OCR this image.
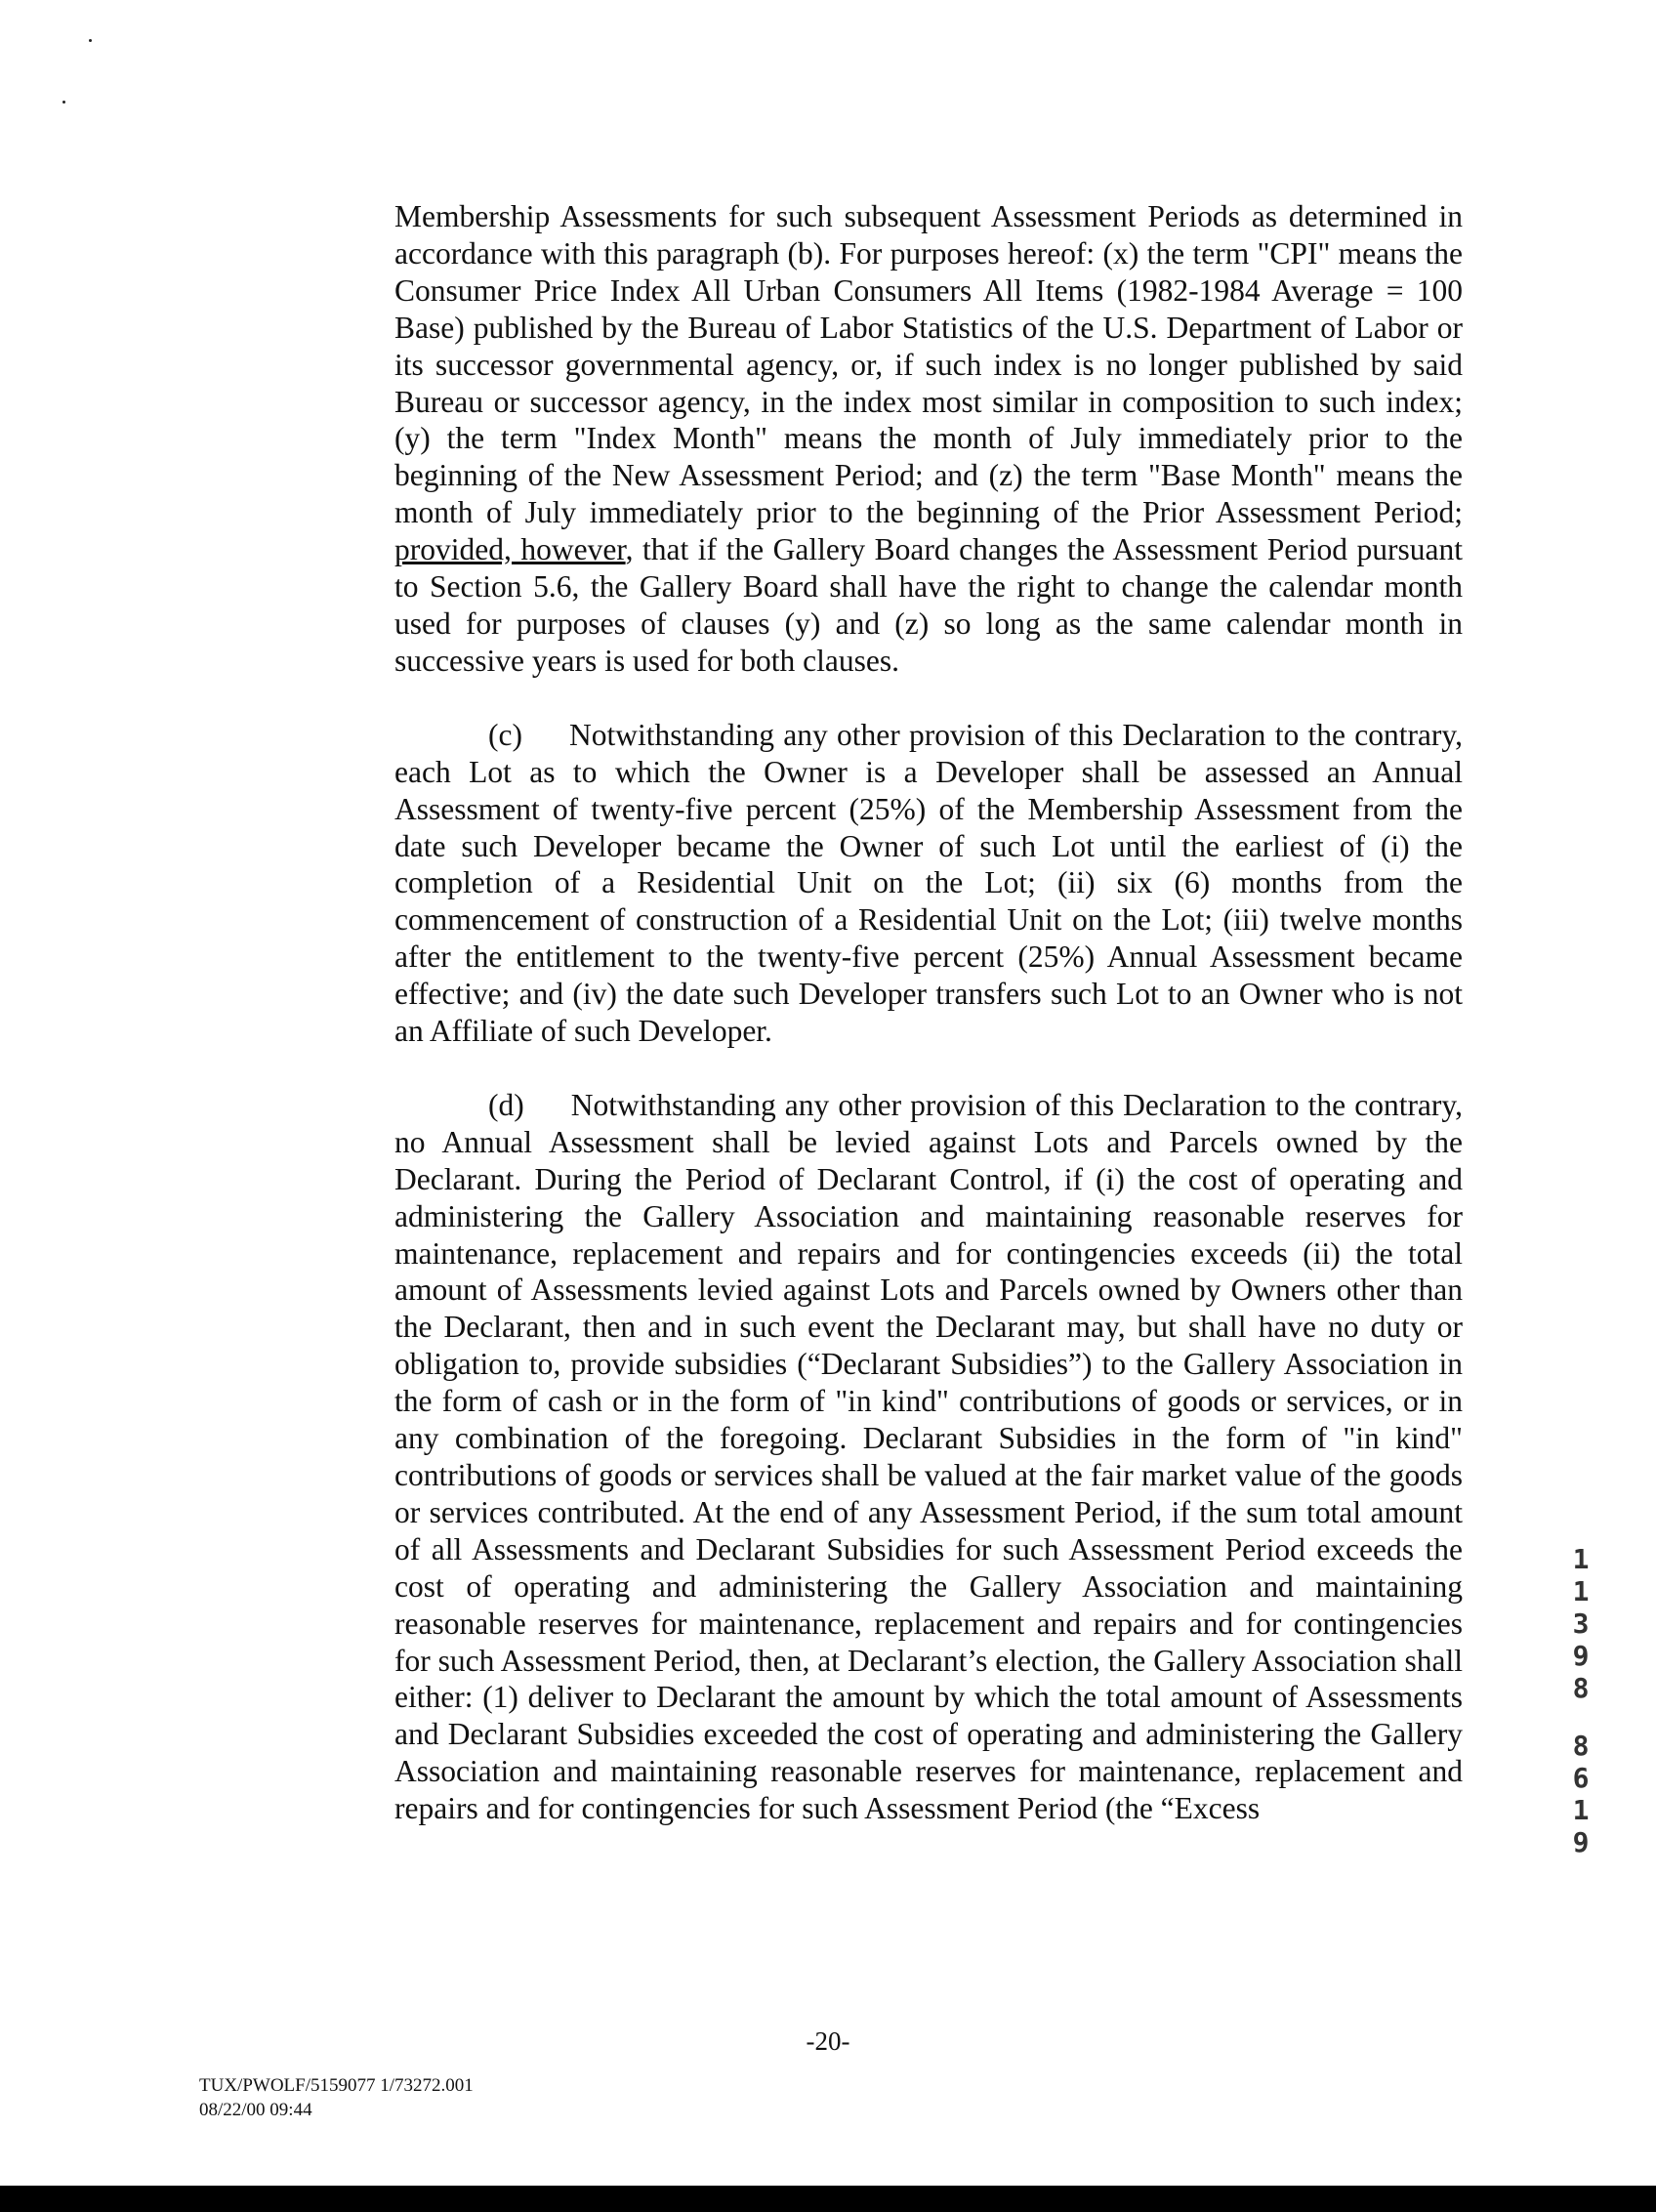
Membership Assessments for such subsequent Assessment Periods as determined in accordance with this paragraph (b). For purposes hereof: (x) the term "CPI" means the Consumer Price Index All Urban Consumers All Items (1982-1984 Average = 100 Base) published by the Bureau of Labor Statistics of the U.S. Department of Labor or its successor governmental agency, or, if such index is no longer published by said Bureau or successor agency, in the index most similar in composition to such index; (y) the term "Index Month" means the month of July immediately prior to the beginning of the New Assessment Period; and (z) the term "Base Month" means the month of July immediately prior to the beginning of the Prior Assessment Period; provided, however, that if the Gallery Board changes the Assessment Period pursuant to Section 5.6, the Gallery Board shall have the right to change the calendar month used for purposes of clauses (y) and (z) so long as the same calendar month in successive years is used for both clauses.

(c) Notwithstanding any other provision of this Declaration to the contrary, each Lot as to which the Owner is a Developer shall be assessed an Annual Assessment of twenty-five percent (25%) of the Membership Assessment from the date such Developer became the Owner of such Lot until the earliest of (i) the completion of a Residential Unit on the Lot; (ii) six (6) months from the commencement of construction of a Residential Unit on the Lot; (iii) twelve months after the entitlement to the twenty-five percent (25%) Annual Assessment became effective; and (iv) the date such Developer transfers such Lot to an Owner who is not an Affiliate of such Developer.

(d) Notwithstanding any other provision of this Declaration to the contrary, no Annual Assessment shall be levied against Lots and Parcels owned by the Declarant. During the Period of Declarant Control, if (i) the cost of operating and administering the Gallery Association and maintaining reasonable reserves for maintenance, replacement and repairs and for contingencies exceeds (ii) the total amount of Assessments levied against Lots and Parcels owned by Owners other than the Declarant, then and in such event the Declarant may, but shall have no duty or obligation to, provide subsidies (“Declarant Subsidies”) to the Gallery Association in the form of cash or in the form of "in kind" contributions of goods or services, or in any combination of the foregoing. Declarant Subsidies in the form of "in kind" contributions of goods or services shall be valued at the fair market value of the goods or services contributed. At the end of any Assessment Period, if the sum total amount of all Assessments and Declarant Subsidies for such Assessment Period exceeds the cost of operating and administering the Gallery Association and maintaining reasonable reserves for maintenance, replacement and repairs and for contingencies for such Assessment Period, then, at Declarant’s election, the Gallery Association shall either: (1) deliver to Declarant the amount by which the total amount of Assessments and Declarant Subsidies exceeded the cost of operating and administering the Gallery Association and maintaining reasonable reserves for maintenance, replacement and repairs and for contingencies for such Assessment Period (the “Excess

1
1
3
9
8
8
6
1
9
-20-
TUX/PWOLF/5159077 1/73272.001
08/22/00 09:44
